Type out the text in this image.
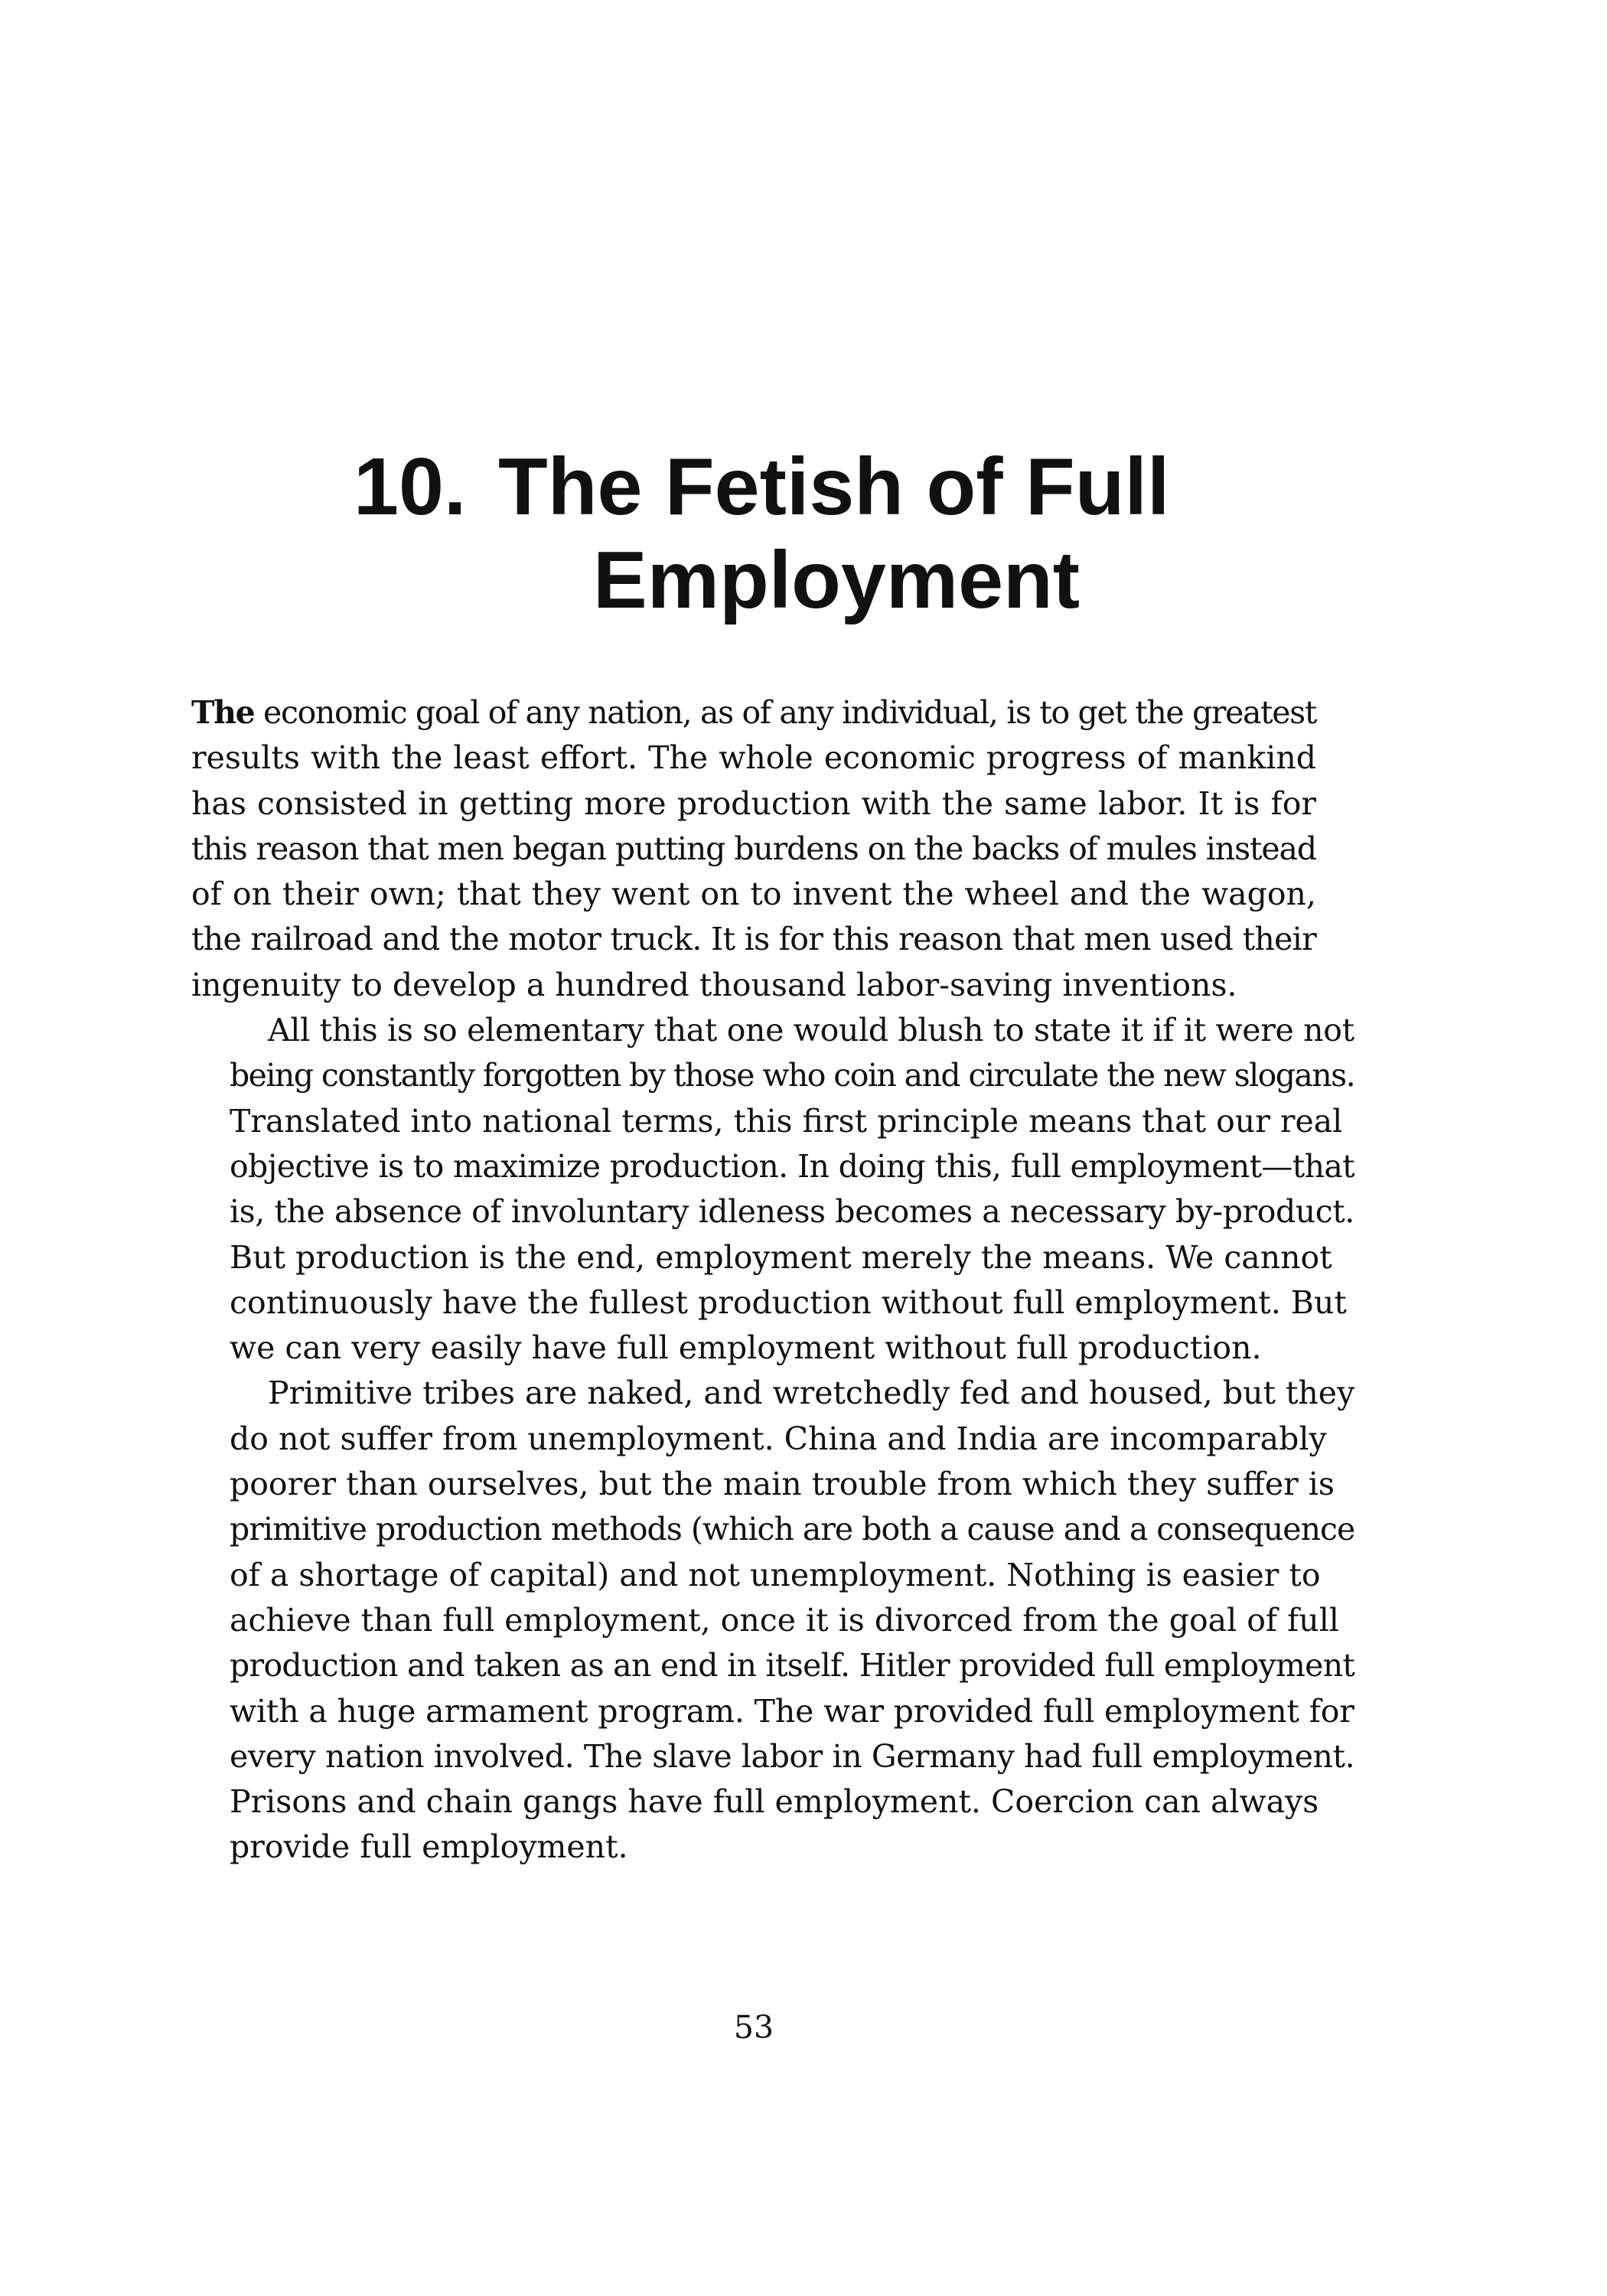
10. The Fetish of Full
Employment
The economic goal of any nation, as of any individual, is to get the greatest
results with the least effort. The whole economic progress of mankind
has consisted in getting more production with the same labor. It is for
this reason that men began putting burdens on the backs of mules instead
of on their own; that they went on to invent the wheel and the wagon,
the railroad and the motor truck. It is for this reason that men used their
ingenuity to develop a hundred thousand labor-saving inventions.
All this is so elementary that one would blush to state it if it were not
being constantly forgotten by those who coin and circulate the new slogans.
Translated into national terms, this first principle means that our real
objective is to maximize production. In doing this, full employment—that
is, the absence of involuntary idleness becomes a necessary by-product.
But production is the end, employment merely the means. We cannot
continuously have the fullest production without full employment. But
we can very easily have full employment without full production.
Primitive tribes are naked, and wretchedly fed and housed, but they
do not suffer from unemployment. China and India are incomparably
poorer than ourselves, but the main trouble from which they suffer is
primitive production methods (which are both a cause and a consequence
of a shortage of capital) and not unemployment. Nothing is easier to
achieve than full employment, once it is divorced from the goal of full
production and taken as an end in itself. Hitler provided full employment
with a huge armament program. The war provided full employment for
every nation involved. The slave labor in Germany had full employment.
Prisons and chain gangs have full employment. Coercion can always
provide full employment.
53
